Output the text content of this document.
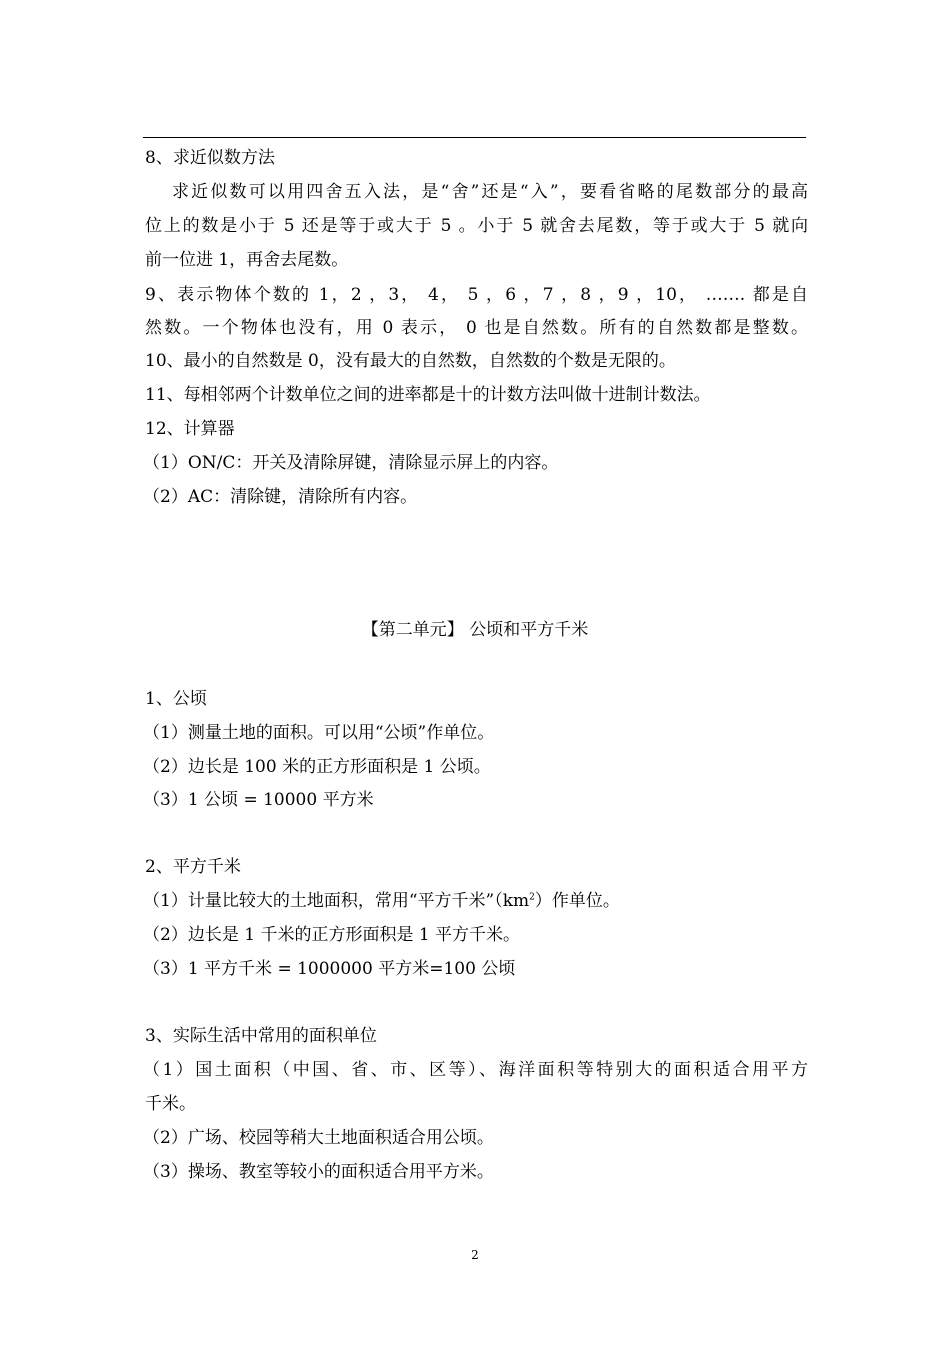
8、求近似数方法
求近似数可以用四舍五入法，是“舍”还是“入”，要看省略的尾数部分的最高
位上的数是小于 5 还是等于或大于 5 。小于 5 就舍去尾数，等于或大于 5 就向
前一位进 1，再舍去尾数。
9、表示物体个数的 1，2 ，3， 4， 5 ，6 ，7 ，8 ，9 ，10， ……. 都是自
然数。一个物体也没有，用 0 表示， 0 也是自然数。所有的自然数都是整数。
10、最小的自然数是 0，没有最大的自然数，自然数的个数是无限的。
11、每相邻两个计数单位之间的进率都是十的计数方法叫做十进制计数法。
12、计算器
（1）ON/C：开关及清除屏键，清除显示屏上的内容。
（2）AC：清除键，清除所有内容。
【第二单元】 公顷和平方千米
1、公顷
（1）测量土地的面积。可以用“公顷”作单位。
（2）边长是 100 米的正方形面积是 1 公顷。
（3）1 公顷 = 10000 平方米
2、平方千米
（1）计量比较大的土地面积，常用“平方千米$”(km^2)$作单位。
（2）边长是 1 千米的正方形面积是 1 平方千米。
（3）1 平方千米 = 1000000 平方米=100 公顷
3、实际生活中常用的面积单位
（1）国土面积（中国、省、市、区等）、海洋面积等特别大的面积适合用平方
千米。
（2）广场、校园等稍大土地面积适合用公顷。
（3）操场、教室等较小的面积适合用平方米。
2
